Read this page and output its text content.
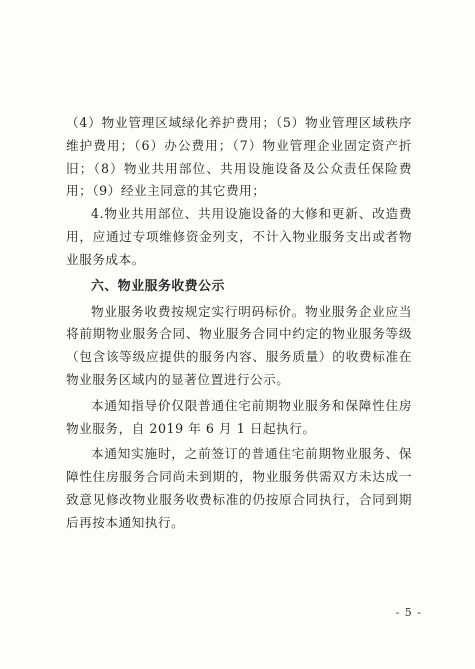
（4）物业管理区域绿化养护费用；（5）物业管理区域秩序维护费用；（6）办公费用；（7）物业管理企业固定资产折旧；（8）物业共用部位、共用设施设备及公众责任保险费用；（9）经业主同意的其它费用；

4.物业共用部位、共用设施设备的大修和更新、改造费用，应通过专项维修资金列支，不计入物业服务支出或者物业服务成本。

六、物业服务收费公示

物业服务收费按规定实行明码标价。物业服务企业应当将前期物业服务合同、物业服务合同中约定的物业服务等级（包含该等级应提供的服务内容、服务质量）的收费标准在物业服务区域内的显著位置进行公示。

本通知指导价仅限普通住宅前期物业服务和保障性住房物业服务，自 2019 年 6 月 1 日起执行。

本通知实施时，之前签订的普通住宅前期物业服务、保障性住房服务合同尚未到期的，物业服务供需双方未达成一致意见修改物业服务收费标准的仍按原合同执行，合同到期后再按本通知执行。

- 5 -
